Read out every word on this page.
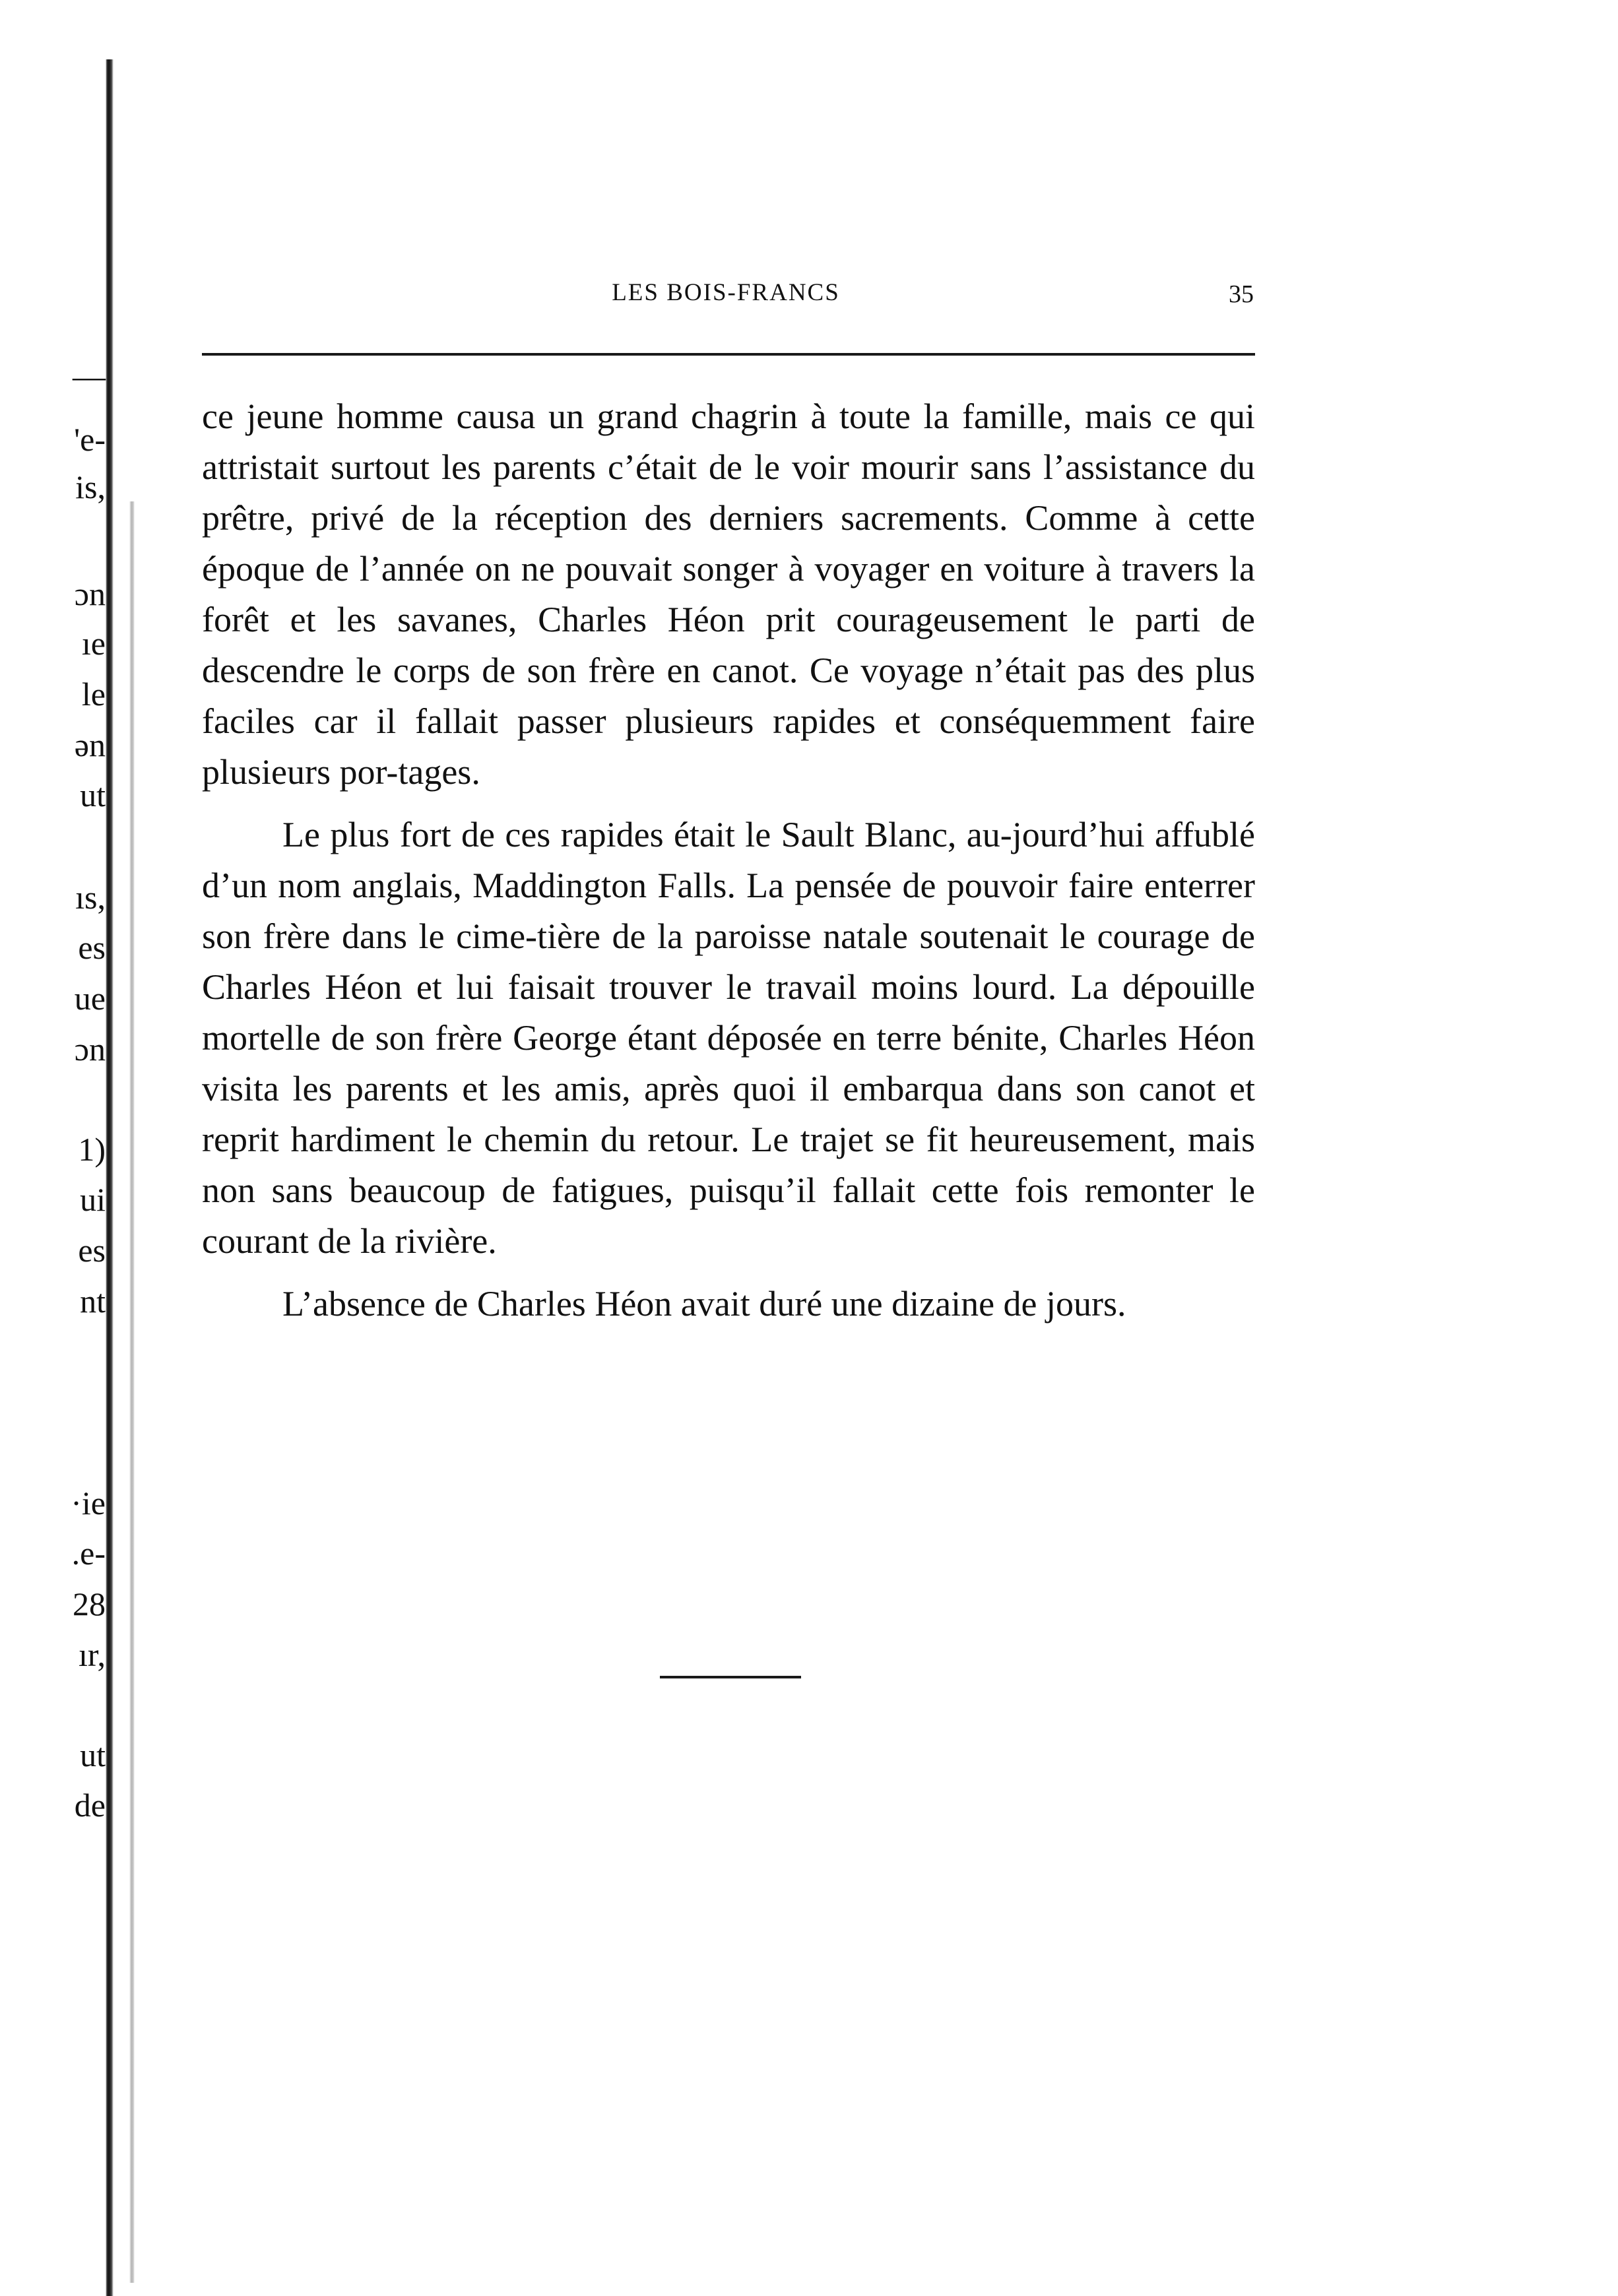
—
'e-
is,
ɔn
ıe
le
ən
ut
ıs,
es
ue
ɔn
1)
ui
es
nt
·ie
.e-
28
ır,
ut
de
LES BOIS-FRANCS	35

ce jeune homme causa un grand chagrin à toute la famille, mais ce qui attristait surtout les parents c’était de le voir mourir sans l’assistance du prêtre, privé de la réception des derniers sacrements. Comme à cette époque de l’année on ne pouvait songer à voyager en voiture à travers la forêt et les savanes, Charles Héon prit courageusement le parti de descendre le corps de son frère en canot. Ce voyage n’était pas des plus faciles car il fallait passer plusieurs rapides et conséquemment faire plusieurs por-tages.

Le plus fort de ces rapides était le Sault Blanc, au-jourd’hui affublé d’un nom anglais, Maddington Falls. La pensée de pouvoir faire enterrer son frère dans le cime-tière de la paroisse natale soutenait le courage de Charles Héon et lui faisait trouver le travail moins lourd. La dépouille mortelle de son frère George étant déposée en terre bénite, Charles Héon visita les parents et les amis, après quoi il embarqua dans son canot et reprit hardiment le chemin du retour. Le trajet se fit heureusement, mais non sans beaucoup de fatigues, puisqu’il fallait cette fois remonter le courant de la rivière.

L’absence de Charles Héon avait duré une dizaine de jours.
